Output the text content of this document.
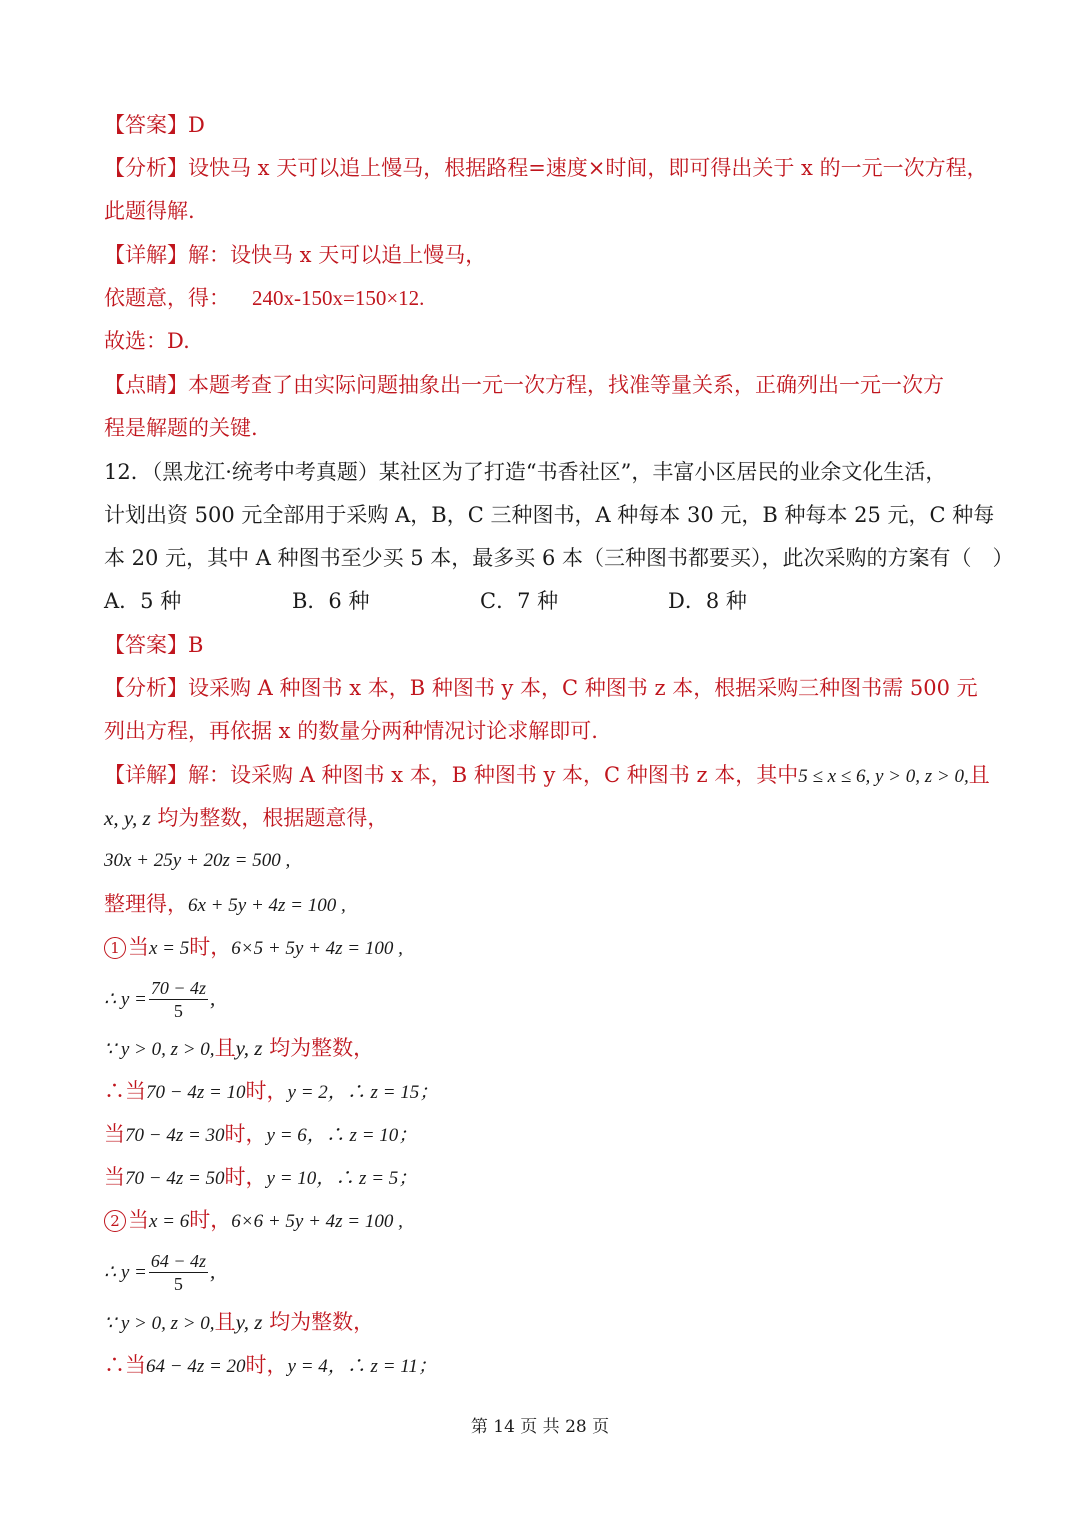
【答案】D
【分析】设快马 x 天可以追上慢马，根据路程=速度×时间，即可得出关于 x 的一元一次方程，
此题得解.
【详解】解：设快马 x 天可以追上慢马，
依题意，得： 240x-150x=150×12.
故选：D.
【点睛】本题考查了由实际问题抽象出一元一次方程，找准等量关系，正确列出一元一次方
程是解题的关键.
12．（黑龙江·统考中考真题）某社区为了打造“书香社区”，丰富小区居民的业余文化生活，
计划出资 500 元全部用于采购 A，B，C 三种图书，A 种每本 30 元，B 种每本 25 元，C 种每
本 20 元，其中 A 种图书至少买 5 本，最多买 6 本（三种图书都要买），此次采购的方案有（　）
A．5 种	B．6 种	C．7 种	D．8 种
【答案】B
【分析】设采购 A 种图书 x 本，B 种图书 y 本，C 种图书 z 本，根据采购三种图书需 500 元
列出方程，再依据 x 的数量分两种情况讨论求解即可.
【详解】解：设采购 A 种图书 x 本，B 种图书 y 本，C 种图书 z 本，其中5 ≤ x ≤ 6, y > 0, z > 0,且
x, y, z 均为整数，根据题意得，
30x + 25y + 20z = 500 ,
整理得，6x + 5y + 4z = 100 ,
1 当x = 5时，6×5 + 5y + 4z = 100 ,
∴ $y = \frac{70 - 4z}{5}$ ,
∵ y > 0, z > 0,且y, z 均为整数，
∴当70 − 4z = 10时，y = 2，∴ z = 15；
当70 − 4z = 30时，y = 6，∴ z = 10；
当70 − 4z = 50时，y = 10，∴ z = 5；
2 当x = 6时，6×6 + 5y + 4z = 100 ,
∴ $y = \frac{64 - 4z}{5}$ ,
∵ y > 0, z > 0,且y, z 均为整数，
∴当64 − 4z = 20时，y = 4，∴ z = 11；
第 14 页 共 28 页
